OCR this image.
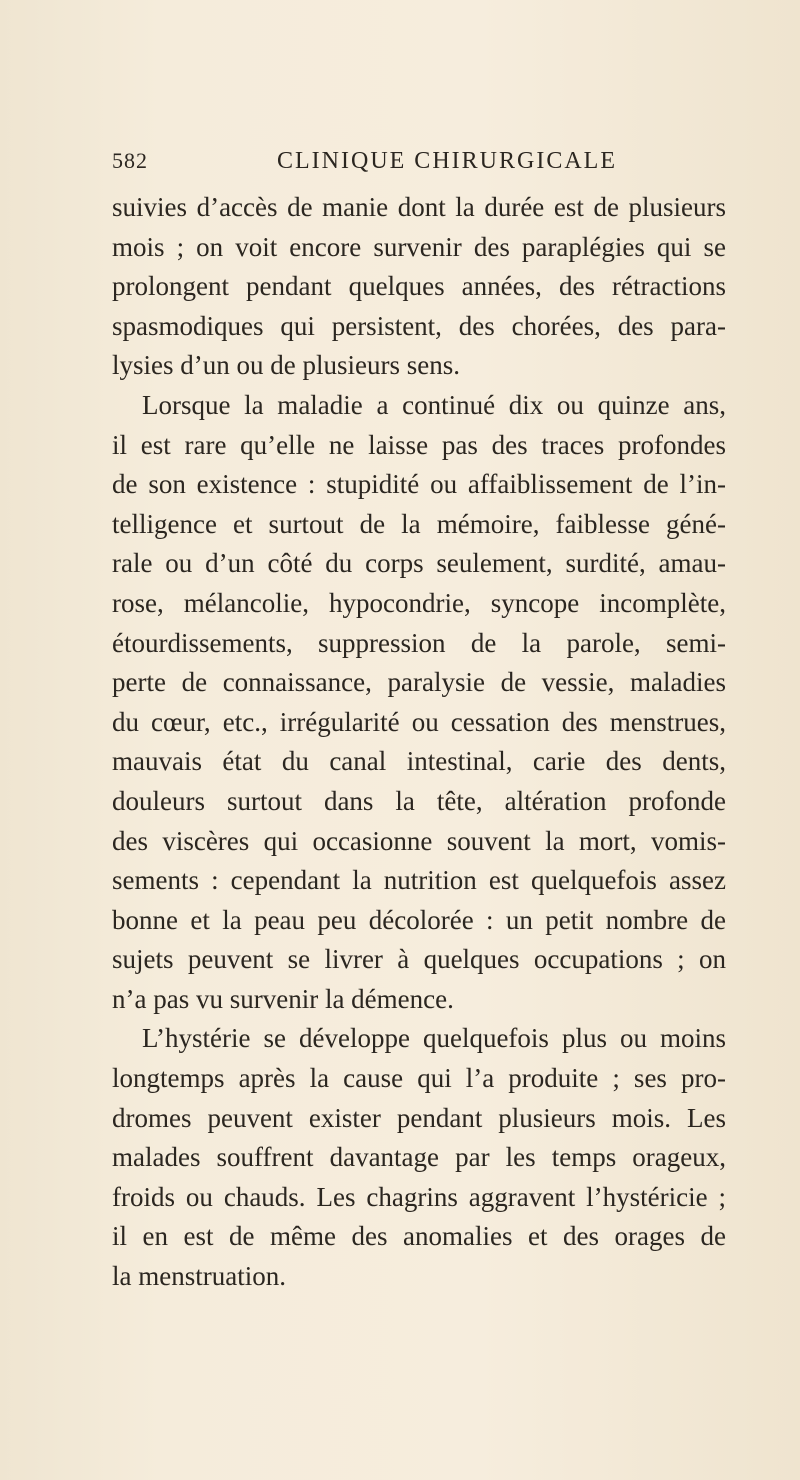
582	CLINIQUE CHIRURGICALE
suivies d’accès de manie dont la durée est de plusieurs
mois ; on voit encore survenir des paraplégies qui se
prolongent pendant quelques années, des rétractions
spasmodiques qui persistent, des chorées, des para-
lysies d’un ou de plusieurs sens.
Lorsque la maladie a continué dix ou quinze ans,
il est rare qu’elle ne laisse pas des traces profondes
de son existence : stupidité ou affaiblissement de l’in-
telligence et surtout de la mémoire, faiblesse géné-
rale ou d’un côté du corps seulement, surdité, amau-
rose, mélancolie, hypocondrie, syncope incomplète,
étourdissements, suppression de la parole, semi-
perte de connaissance, paralysie de vessie, maladies
du cœur, etc., irrégularité ou cessation des menstrues,
mauvais état du canal intestinal, carie des dents,
douleurs surtout dans la tête, altération profonde
des viscères qui occasionne souvent la mort, vomis-
sements : cependant la nutrition est quelquefois assez
bonne et la peau peu décolorée : un petit nombre de
sujets peuvent se livrer à quelques occupations ; on
n’a pas vu survenir la démence.
L’hystérie se développe quelquefois plus ou moins
longtemps après la cause qui l’a produite ; ses pro-
dromes peuvent exister pendant plusieurs mois. Les
malades souffrent davantage par les temps orageux,
froids ou chauds. Les chagrins aggravent l’hystéricie ;
il en est de même des anomalies et des orages de
la menstruation.
